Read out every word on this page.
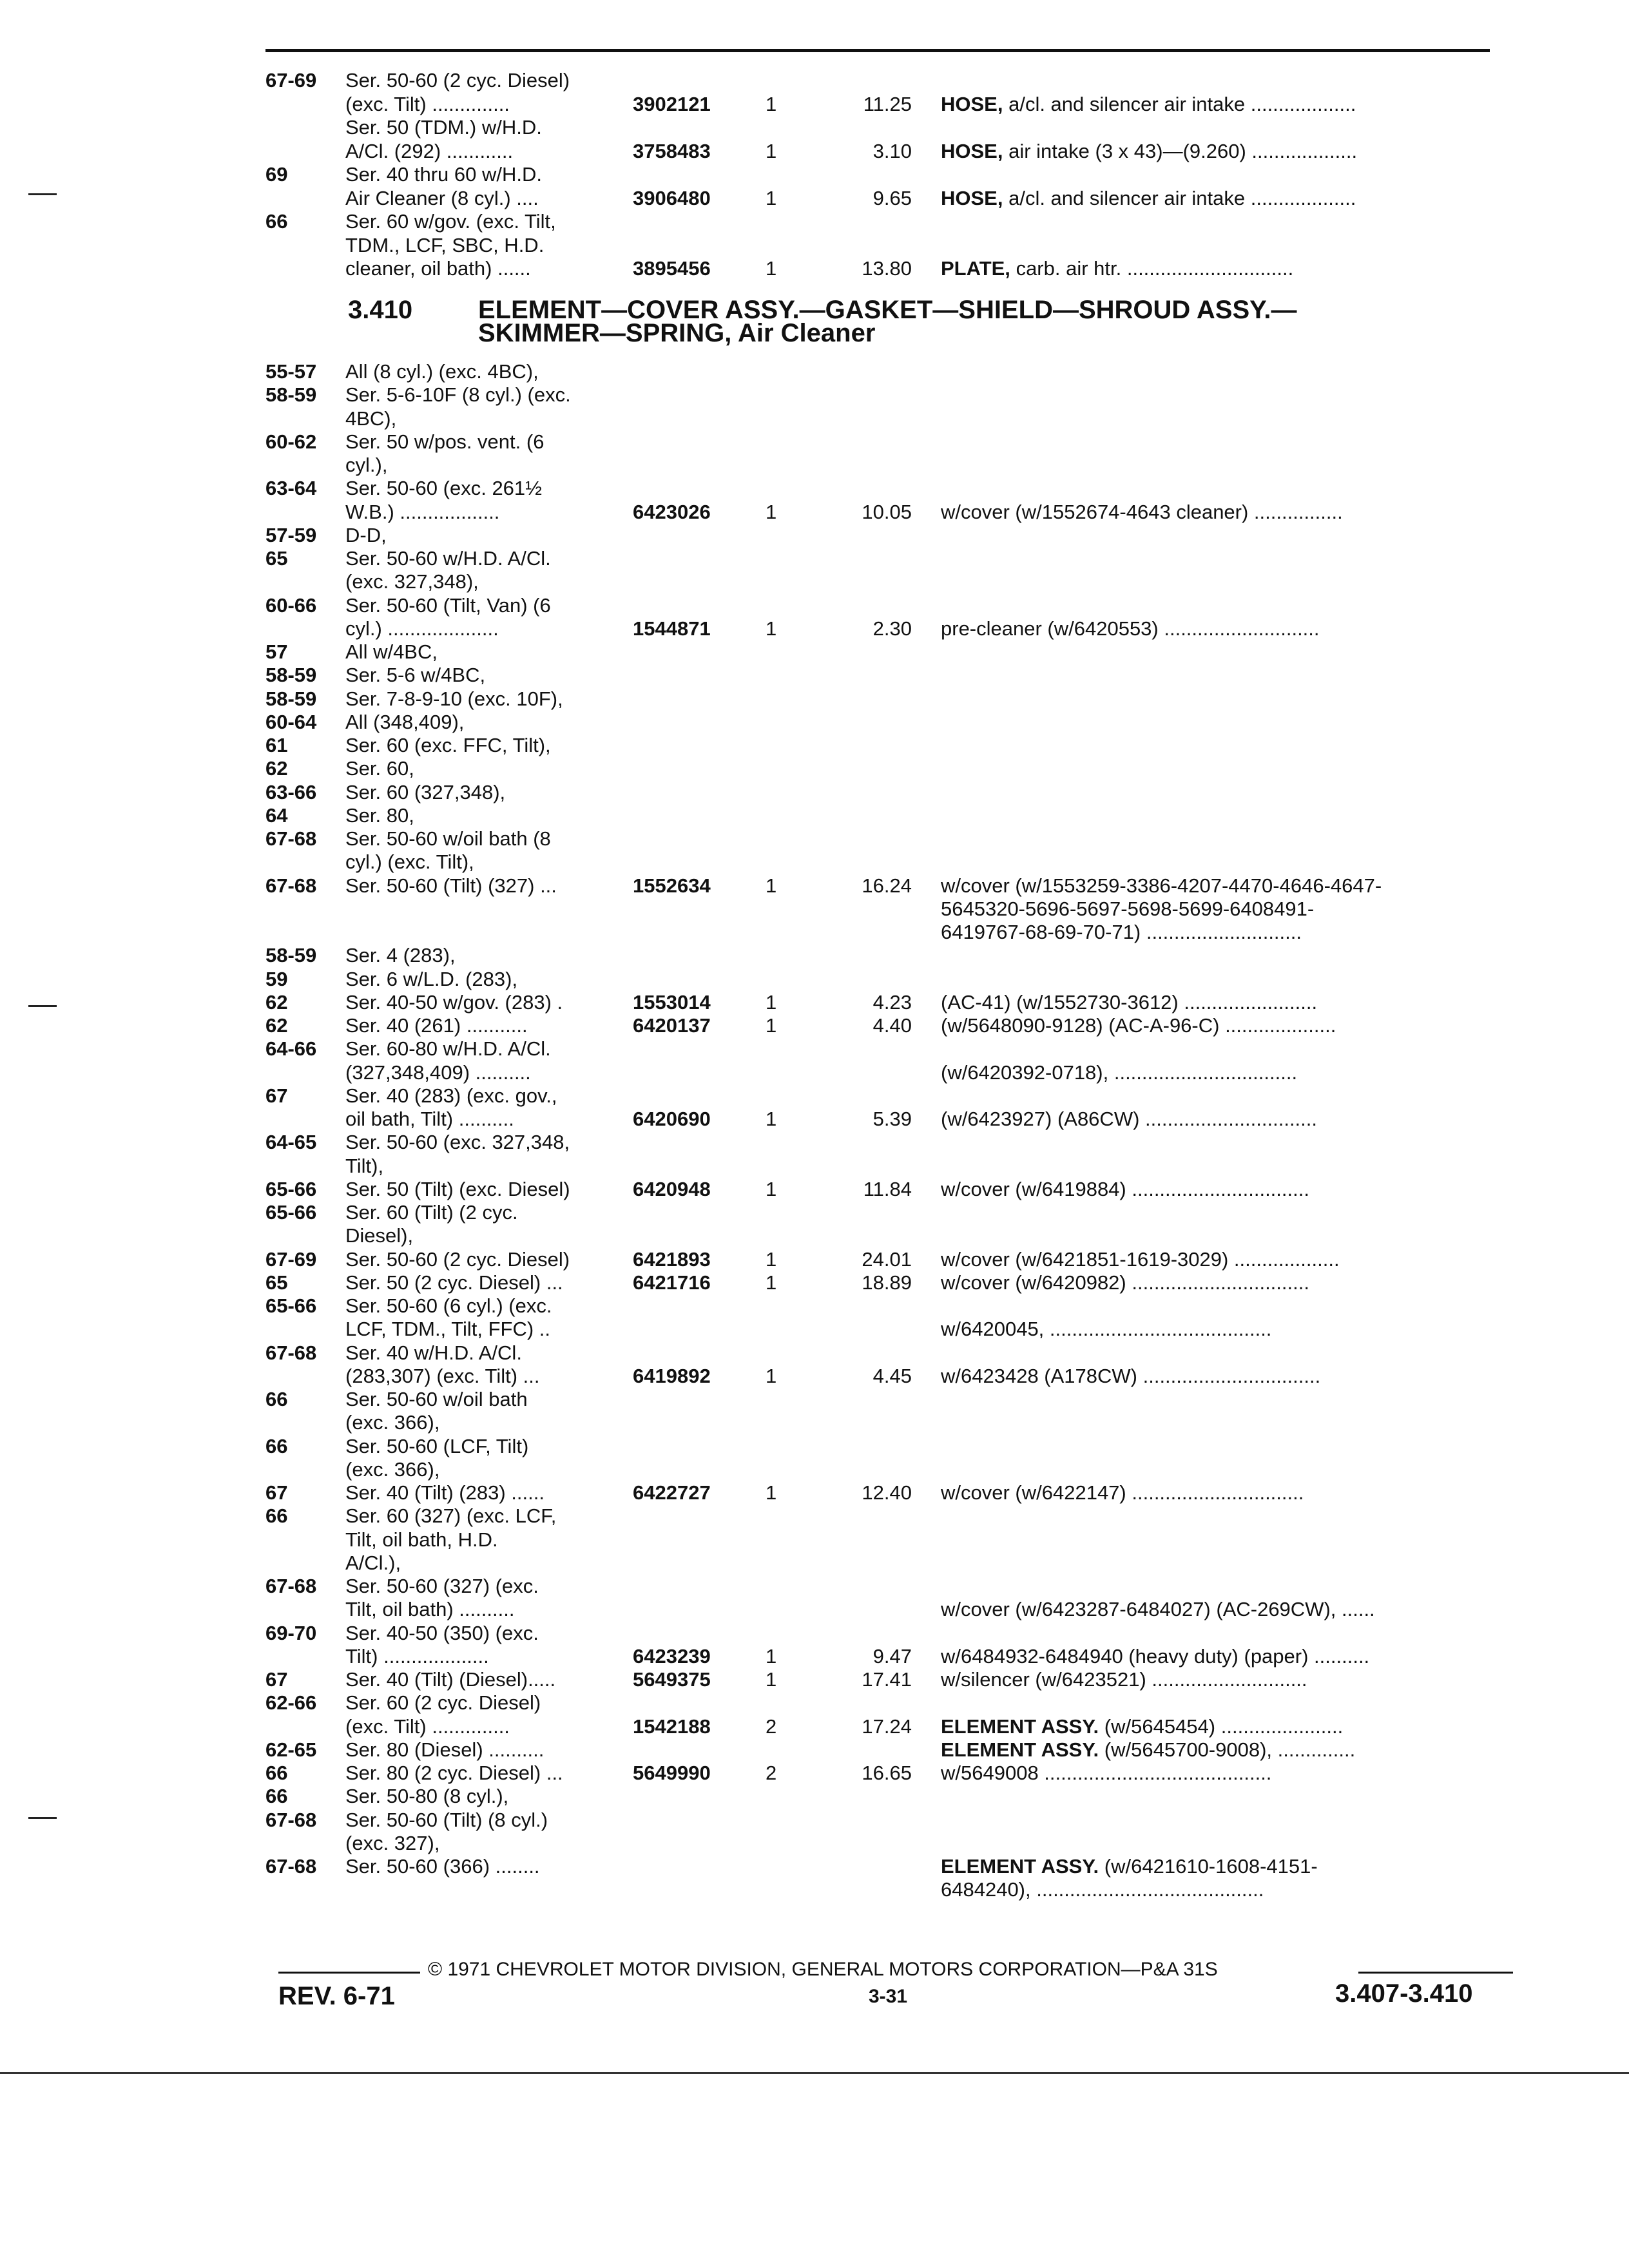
67-69 Ser. 50-60 (2 cyc. Diesel)
(exc. Tilt) ..............	3902121	1	11.25 HOSE, a/cl. and silencer air intake ...................
Ser. 50 (TDM.) w/H.D.
A/Cl. (292) ............	3758483	1	3.10 HOSE, air intake (3 x 43)—(9.260) ...................
69	Ser. 40 thru 60 w/H.D.
Air Cleaner (8 cyl.) ....	3906480	1	9.65 HOSE, a/cl. and silencer air intake ...................
66	Ser. 60 w/gov. (exc. Tilt,
TDM., LCF, SBC, H.D.
cleaner, oil bath) ......	3895456	1	13.80 PLATE, carb. air htr. ..............................
3.410	ELEMENT—COVER ASSY.—GASKET—SHIELD—SHROUD ASSY.—
SKIMMER—SPRING, Air Cleaner
55-57 All (8 cyl.) (exc. 4BC),
58-59 Ser. 5-6-10F (8 cyl.) (exc.
4BC),
60-62 Ser. 50 w/pos. vent. (6
cyl.),
63-64 Ser. 50-60 (exc. 261½
W.B.) ..................	6423026	1	10.05 w/cover (w/1552674-4643 cleaner) ................
57-59 D-D,
65	Ser. 50-60 w/H.D. A/Cl.
(exc. 327,348),
60-66 Ser. 50-60 (Tilt, Van) (6
cyl.) ....................	1544871	1	2.30 pre-cleaner (w/6420553) ............................
57	All w/4BC,
58-59 Ser. 5-6 w/4BC,
58-59 Ser. 7-8-9-10 (exc. 10F),
60-64 All (348,409),
61	Ser. 60 (exc. FFC, Tilt),
62	Ser. 60,
63-66 Ser. 60 (327,348),
64	Ser. 80,
67-68 Ser. 50-60 w/oil bath (8
cyl.) (exc. Tilt),
67-68 Ser. 50-60 (Tilt) (327) ...	1552634	1	16.24 w/cover (w/1553259-3386-4207-4470-4646-4647-
5645320-5696-5697-5698-5699-6408491-
6419767-68-69-70-71) ............................
58-59 Ser. 4 (283),
59	Ser. 6 w/L.D. (283),
62	Ser. 40-50 w/gov. (283) .	1553014	1	4.23 (AC-41) (w/1552730-3612) ........................
62	Ser. 40 (261) ...........	6420137	1	4.40 (w/5648090-9128) (AC-A-96-C) ....................
64-66 Ser. 60-80 w/H.D. A/Cl.
(327,348,409) ..........	(w/6420392-0718), .................................
67	Ser. 40 (283) (exc. gov.,
oil bath, Tilt) ..........	6420690	1	5.39 (w/6423927) (A86CW) ...............................
64-65 Ser. 50-60 (exc. 327,348,
Tilt),
65-66 Ser. 50 (Tilt) (exc. Diesel)	6420948	1	11.84 w/cover (w/6419884) ................................
65-66 Ser. 60 (Tilt) (2 cyc.
Diesel),
67-69 Ser. 50-60 (2 cyc. Diesel)	6421893	1	24.01 w/cover (w/6421851-1619-3029) ...................
65	Ser. 50 (2 cyc. Diesel) ...	6421716	1	18.89 w/cover (w/6420982) ................................
65-66 Ser. 50-60 (6 cyl.) (exc.
LCF, TDM., Tilt, FFC) ..	w/6420045, ........................................
67-68 Ser. 40 w/H.D. A/Cl.
(283,307) (exc. Tilt) ...	6419892	1	4.45 w/6423428 (A178CW) ................................
66	Ser. 50-60 w/oil bath
(exc. 366),
66	Ser. 50-60 (LCF, Tilt)
(exc. 366),
67	Ser. 40 (Tilt) (283) ......	6422727	1	12.40 w/cover (w/6422147) ...............................
66	Ser. 60 (327) (exc. LCF,
Tilt, oil bath, H.D.
A/Cl.),
67-68 Ser. 50-60 (327) (exc.
Tilt, oil bath) ..........	w/cover (w/6423287-6484027) (AC-269CW), ......
69-70 Ser. 40-50 (350) (exc.
Tilt) ...................	6423239	1	9.47 w/6484932-6484940 (heavy duty) (paper) ..........
67	Ser. 40 (Tilt) (Diesel).....	5649375	1	17.41 w/silencer (w/6423521) ............................
62-66 Ser. 60 (2 cyc. Diesel)
(exc. Tilt) ..............	1542188	2	17.24 ELEMENT ASSY. (w/5645454) ......................
62-65 Ser. 80 (Diesel) ..........	ELEMENT ASSY. (w/5645700-9008), ..............
66	Ser. 80 (2 cyc. Diesel) ...	5649990	2	16.65 w/5649008 .........................................
66	Ser. 50-80 (8 cyl.),
67-68 Ser. 50-60 (Tilt) (8 cyl.)
(exc. 327),
67-68 Ser. 50-60 (366) ........	ELEMENT ASSY. (w/6421610-1608-4151-
6484240), .........................................
© 1971 CHEVROLET MOTOR DIVISION, GENERAL MOTORS CORPORATION—P&A 31S
REV. 6-71	3-31	3.407-3.410
